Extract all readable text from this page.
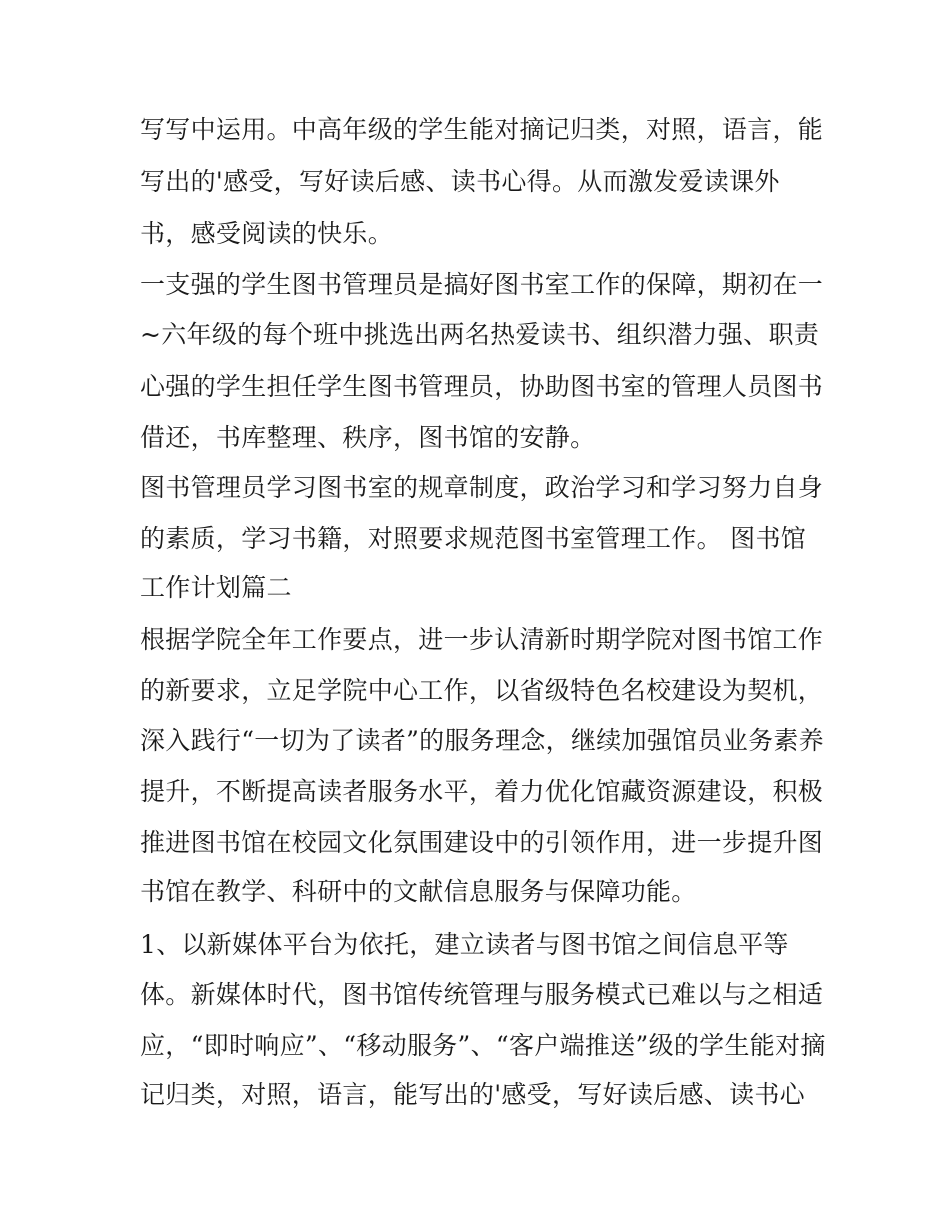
写写中运用。中高年级的学生能对摘记归类，对照，语言，能
写出的'感受，写好读后感、读书心得。从而激发爱读课外
书，感受阅读的快乐。
一支强的学生图书管理员是搞好图书室工作的保障，期初在一
~六年级的每个班中挑选出两名热爱读书、组织潜力强、职责
心强的学生担任学生图书管理员，协助图书室的管理人员图书
借还，书库整理、秩序，图书馆的安静。
图书管理员学习图书室的规章制度，政治学习和学习努力自身
的素质，学习书籍，对照要求规范图书室管理工作。 图书馆
工作计划篇二
根据学院全年工作要点，进一步认清新时期学院对图书馆工作
的新要求，立足学院中心工作，以省级特色名校建设为契机，
深入践行“一切为了读者”的服务理念，继续加强馆员业务素养
提升，不断提高读者服务水平，着力优化馆藏资源建设，积极
推进图书馆在校园文化氛围建设中的引领作用，进一步提升图
书馆在教学、科研中的文献信息服务与保障功能。
1、以新媒体平台为依托，建立读者与图书馆之间信息平等
体。新媒体时代，图书馆传统管理与服务模式已难以与之相适
应，“即时响应”、“移动服务”、“客户端推送”级的学生能对摘
记归类，对照，语言，能写出的'感受，写好读后感、读书心
